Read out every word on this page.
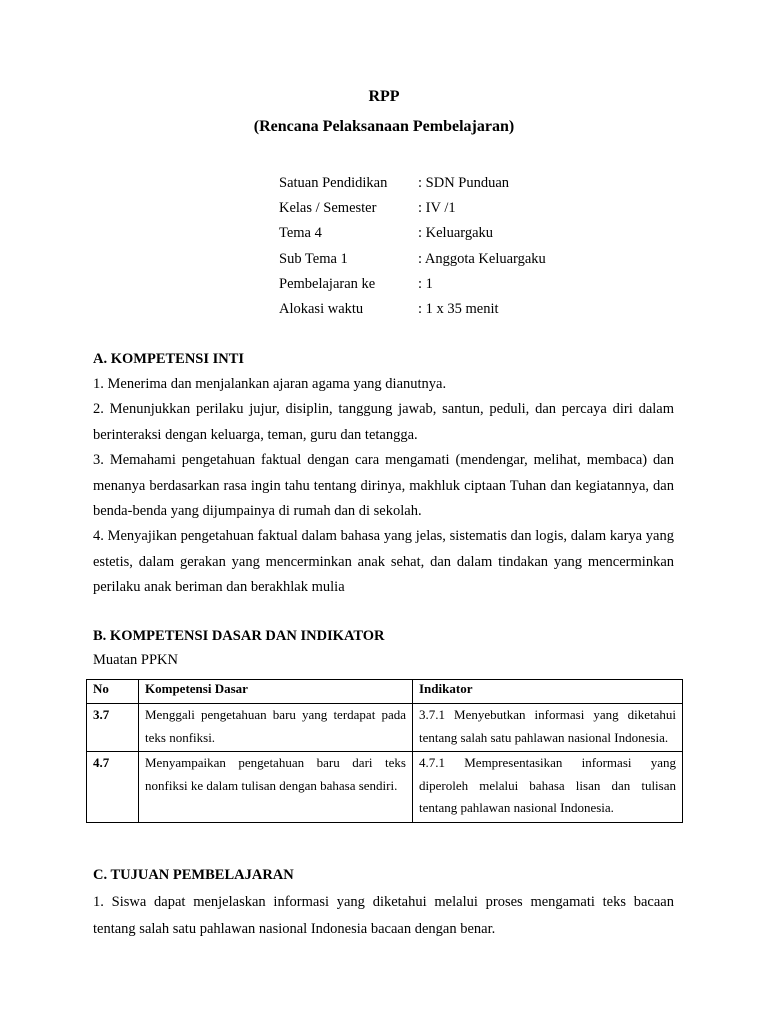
RPP
(Rencana Pelaksanaan Pembelajaran)
Satuan Pendidikan	: SDN Punduan
Kelas / Semester	: IV /1
Tema 4	: Keluargaku
Sub Tema 1	: Anggota Keluargaku
Pembelajaran ke	: 1
Alokasi waktu	: 1 x 35 menit
A. KOMPETENSI INTI

1. Menerima dan menjalankan ajaran agama yang dianutnya.

2. Menunjukkan perilaku jujur, disiplin, tanggung jawab, santun, peduli, dan percaya diri dalam berinteraksi dengan keluarga, teman, guru dan tetangga.

3. Memahami pengetahuan faktual dengan cara mengamati (mendengar, melihat, membaca) dan menanya berdasarkan rasa ingin tahu tentang dirinya, makhluk ciptaan Tuhan dan kegiatannya, dan benda-benda yang dijumpainya di rumah dan di sekolah.

4. Menyajikan pengetahuan faktual dalam bahasa yang jelas, sistematis dan logis, dalam karya yang estetis, dalam gerakan yang mencerminkan anak sehat, dan dalam tindakan yang mencerminkan perilaku anak beriman dan berakhlak mulia

B. KOMPETENSI DASAR DAN INDIKATOR
Muatan PPKN
No	Kompetensi Dasar	Indikator
3.7	Menggali pengetahuan baru yang terdapat pada teks nonfiksi.	3.7.1 Menyebutkan informasi yang diketahui tentang salah satu pahlawan nasional Indonesia.
4.7	Menyampaikan pengetahuan baru dari teks nonfiksi ke dalam tulisan dengan bahasa sendiri.	4.7.1 Mempresentasikan informasi yang diperoleh melalui bahasa lisan dan tulisan tentang pahlawan nasional Indonesia.
C. TUJUAN PEMBELAJARAN

1. Siswa dapat menjelaskan informasi yang diketahui melalui proses mengamati teks bacaan tentang salah satu pahlawan nasional Indonesia bacaan dengan benar.
